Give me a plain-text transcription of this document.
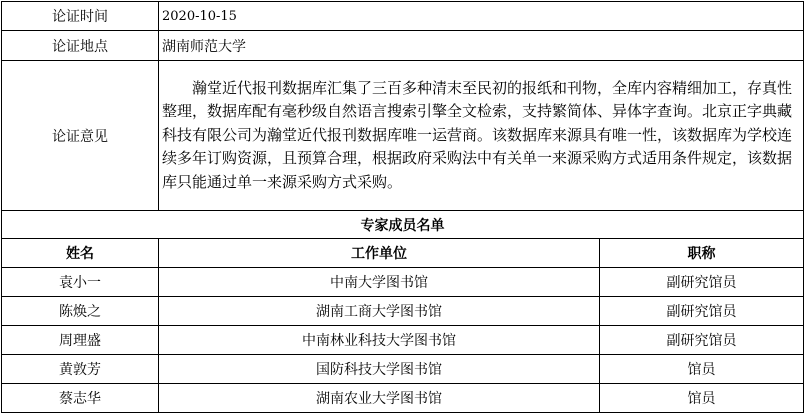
论证时间	2020-10-15	
论证地点	湖南师范大学	
论证意见	瀚堂近代报刊数据库汇集了三百多种清末至民初的报纸和刊物，全库内容精细加工，存真性整理，数据库配有毫秒级自然语言搜索引擎全文检索，支持繁简体、异体字查询。北京正字典藏科技有限公司为瀚堂近代报刊数据库唯一运营商。该数据库来源具有唯一性，该数据库为学校连续多年订购资源，且预算合理，根据政府采购法中有关单一来源采购方式适用条件规定，该数据库只能通过单一来源采购方式采购。	
专家成员名单		
姓名	工作单位	职称
袁小一	中南大学图书馆	副研究馆员
陈焕之	湖南工商大学图书馆	副研究馆员
周理盛	中南林业科技大学图书馆	副研究馆员
黄敦芳	国防科技大学图书馆	馆员
蔡志华	湖南农业大学图书馆	馆员
